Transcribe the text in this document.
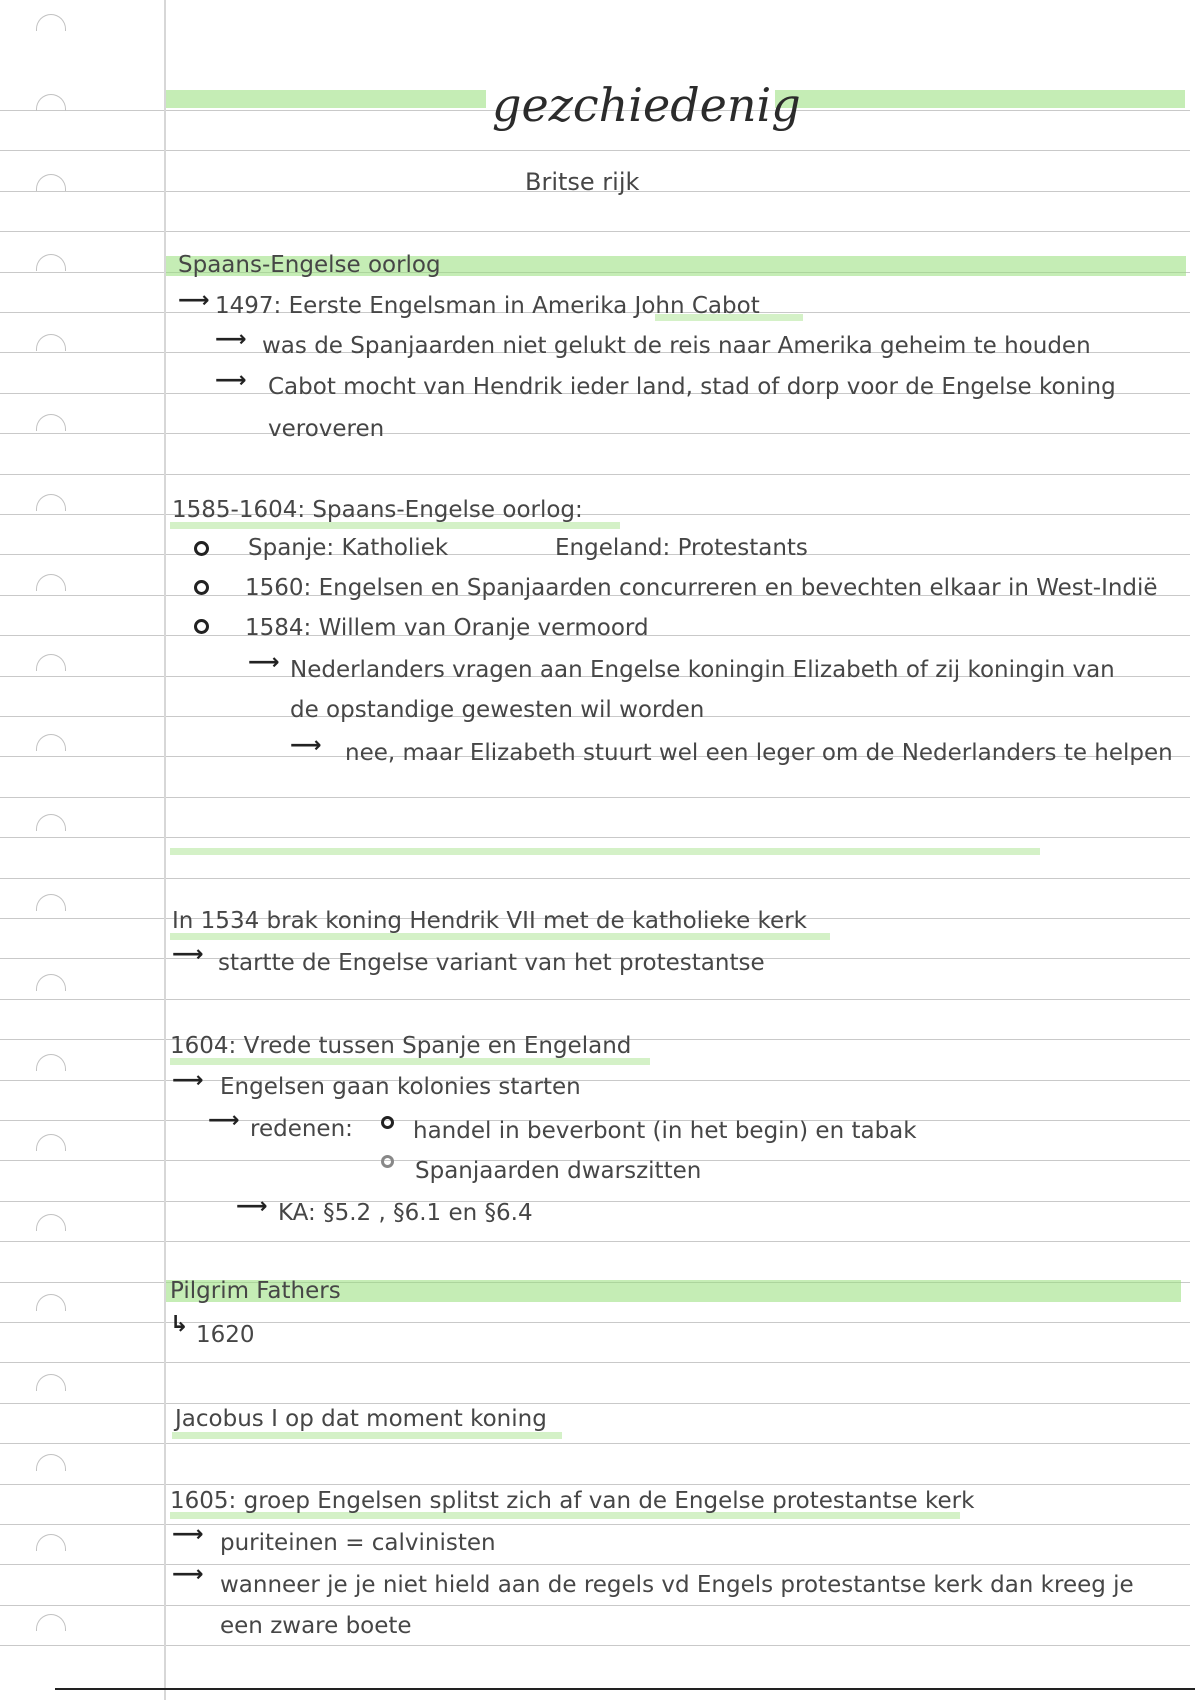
gezchiedenig
Britse rijk
Spaans-Engelse oorlog
⟶ 1497: Eerste Engelsman in Amerika John Cabot
⟶ was de Spanjaarden niet gelukt de reis naar Amerika geheim te houden
⟶ Cabot mocht van Hendrik ieder land, stad of dorp voor de Engelse koning
veroveren
1585-1604: Spaans-Engelse oorlog:
Spanje: Katholiek	Engeland: Protestants
1560: Engelsen en Spanjaarden concurreren en bevechten elkaar in West-Indië
1584: Willem van Oranje vermoord
⟶ Nederlanders vragen aan Engelse koningin Elizabeth of zij koningin van
de opstandige gewesten wil worden
⟶ nee, maar Elizabeth stuurt wel een leger om de Nederlanders te helpen
In 1534 brak koning Hendrik VII met de katholieke kerk
⟶ startte de Engelse variant van het protestantse
1604: Vrede tussen Spanje en Engeland
⟶ Engelsen gaan kolonies starten
⟶ redenen:	handel in beverbont (in het begin) en tabak
Spanjaarden dwarszitten
⟶ KA: §5.2 , §6.1 en §6.4
Pilgrim Fathers
↳ 1620
Jacobus I op dat moment koning
1605: groep Engelsen splitst zich af van de Engelse protestantse kerk
⟶ puriteinen = calvinisten
⟶ wanneer je je niet hield aan de regels vd Engels protestantse kerk dan kreeg je
een zware boete
